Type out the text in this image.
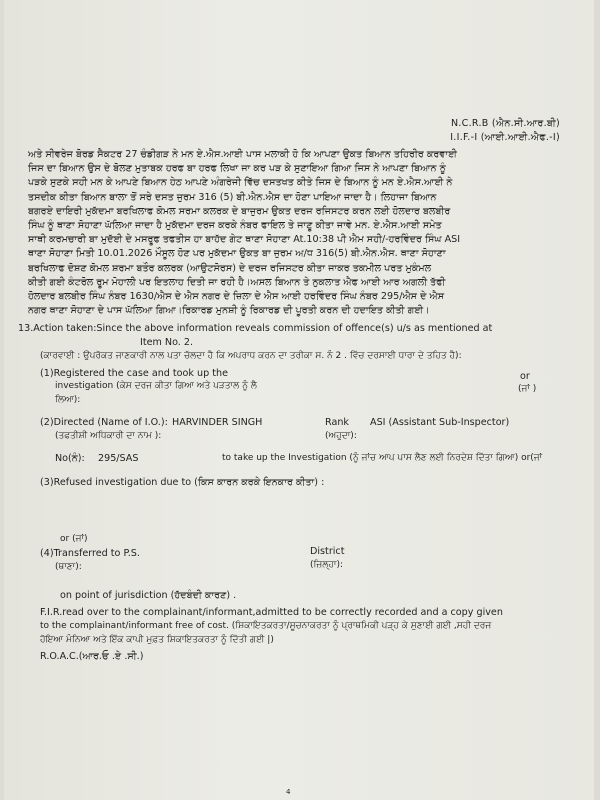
N.C.R.B (ਐਨ.ਸੀ.ਆਰ.ਬੀ)
I.I.F.-I (ਆਈ.ਆਈ.ਐਫ.-I)
ਅਤੇ ਸੀਵਰੇਜ ਬੋਰਡ ਸੈਕਟਰ 27 ਚੰਡੀਗੜ ਨੇ ਮਨ ਏ.ਐਸ.ਆਈ ਪਾਸ ਮਲਾਕੀ ਹੋ ਕਿ ਆਪਣਾ ਉਕਤ ਬਿਆਨ ਤਹਿਰੀਰ ਕਰਵਾਈ
ਜਿਸ ਦਾ ਬਿਆਨ ਉਸ ਦੇ ਬੋਲਣ ਮੁਤਾਬਕ ਹਰਫ ਬਾ ਹਰਫ ਲਿਖਾ ਜਾ ਕਰ ਪੜ ਕੇ ਸੁਣਾਇਆ ਗਿਆ ਜਿਸ ਨੇ ਆਪਣਾ ਬਿਆਨ ਨੂੰ
ਪੜਕੇ ਸੁਣਕੇ ਸਹੀ ਮਨ ਕੇ ਆਪਣੇ ਬਿਆਨ ਹੇਠ ਆਪਣੇ ਅੰਗਰੇਜੀ ਵਿੱਚ ਦਸਤਖਤ ਕੀਤੇ ਜਿਸ ਦੇ ਬਿਆਨ ਨੂੰ ਮਨ ਏ.ਐਸ.ਆਈ ਨੇ
ਤਸਦੀਕ ਕੀਤਾ ਬਿਆਨ ਬਾਲਾ ਤੋਂ ਸਰੇ ਦਸਤ ਜੁਰਮ 316 (5) ਬੀ.ਐਨ.ਐਸ ਦਾ ਹੋਣਾ ਪਾਇਆ ਜਾਦਾ ਹੈ। ਲਿਹਾਜਾ ਬਿਆਨ
ਬਗਰਏ ਦਾਇਰੀ ਮੁਕੱਦਮਾ ਬਰਖਿਲਾਫ ਕੋਮਲ ਸਰਮਾ ਕਲਰਕ ਦੇ ਬਾਜੁਰਮ ਉਕਤ ਦਰਜ ਰਜਿਸਟਰ ਕਰਨ ਲਈ ਹੋਲਦਾਰ ਬਲਬੀਰ
ਸਿੰਘ ਨੂੰ ਥਾਣਾ ਸੋਹਾਣਾ ਘੱਲਿਆ ਜਾਦਾ ਹੈ ਮੁਕੱਦਮਾ ਦਰਜ ਕਰਕੇ ਨੰਬਰ ਫਾਇਲ ਤੇ ਜਾਣੂ ਕੀਤਾ ਜਾਵੇ ਮਨ. ਏ.ਐਸ.ਆਈ ਸਮੇਤ
ਸਾਥੀ ਕਰਮਚਾਰੀ ਬਾ ਮੁਦੱਈ ਦੇ ਮਸਰੂਫ ਤਫਤੀਸ ਹਾ ਬਾਹੱਦ ਗੇਟ ਥਾਣਾ ਸੋਹਾਣਾ At.10:38 ਪੀ ਐਮ ਸਹੀ/-ਹਰਵਿੰਦਰ ਸਿੰਘ ASI
ਥਾਣਾ ਸੋਹਾਣਾ ਮਿਤੀ 10.01.2026 ਮੌਸੂਲ ਹੋਣ ਪਰ ਮੁਕੱਦਮਾ ਉਕਤ ਬਾ ਜੁਰਮ ਅ/ਧ 316(5) ਬੀ.ਐਨ.ਐਸ. ਥਾਣਾ ਸੋਹਾਣਾ
ਬਰਖਿਲਾਫ ਦੋਸ਼ਣ ਕੋਮਲ ਸ਼ਰਮਾ ਬਤੌਰ ਕਲਰਕ (ਆਉਟਸੋਰਸ) ਦੇ ਦਰਜ ਰਜਿਸਟਰ ਕੀਤਾ ਜਾਕਰ ਤਕਮੀਲ ਪਰਤ ਮੁਕੰਮਲ
ਕੀਤੀ ਗਈ ਕੰਟਰੋਲ ਰੂਮ ਮੋਹਾਲੀ ਪਰ ਇਤਲਾਹ ਦਿਤੀ ਜਾ ਰਹੀ ਹੈ।ਅਸਲ ਬਿਆਨ ਤੇ ਨੁਕਲਾਤ ਐਫ ਆਈ ਆਰ ਅਗਲੀ ਤੱਫੀ
ਹੋਲਦਾਰ ਬਲਬੀਰ ਸਿੰਘ ਨੰਬਰ 1630/ਐਸ ਦੇ ਐਸ ਨਗਰ ਦੇ ਜ਼ਿਲਾ ਦੇ ਐਸ ਆਈ ਹਰਵਿੰਦਰ ਸਿੰਘ ਨੰਬਰ 295/ਐਸ ਦੇ ਐਸ
ਨਗਰ ਥਾਣਾ ਸੋਹਾਣਾ ਦੇ ਪਾਸ ਘੱਲਿਆ ਗਿਆ।ਰਿਕਾਰਡ ਮੁਨਸ਼ੀ ਨੂੰ ਰਿਕਾਰਡ ਦੀ ਪੂਰਤੀ ਕਰਨ ਦੀ ਹਦਾਇਤ ਕੀਤੀ ਗਈ।
13.Action taken:Since the above information reveals commission of offence(s) u/s as mentioned at
Item No. 2.
(ਕਾਰਵਾਈ : ਉਪਰੋਕਤ ਜਾਣਕਾਰੀ ਨਾਲ ਪਤਾ ਚੱਲਦਾ ਹੈ ਕਿ ਅਪਰਾਧ ਕਰਨ ਦਾ ਤਰੀਕਾ ਸ. ਨੰ 2 . ਵਿੱਚ ਦਰਸਾਈ ਧਾਰਾ ਦੇ ਤਹਿਤ ਹੈ):
(1)Registered the case and took up the
investigation (ਕੇਸ ਦਰਜ ਕੀਤਾ ਗਿਆ ਅਤੇ ਪੜਤਾਲ ਨੂੰ ਲੈ
ਲਿਆ):
or
(ਜਾਂ )
(2)Directed (Name of I.O.): HARVINDER SINGH
(ਤਫਤੀਸ਼ੀ ਅਧਿਕਾਰੀ ਦਾ ਨਾਮ ):
Rank
(ਅਹੁਦਾ):
ASI (Assistant Sub-Inspector)
No(ਨੰ): 295/SAS	to take up the Investigation (ਨੂੰ ਜਾਂਚ ਆਪ ਪਾਸ ਲੈਣ ਲਈ ਨਿਰਦੇਸ਼ ਦਿੱਤਾ ਗਿਆ) or(ਜਾਂ
(3)Refused investigation due to (ਕਿਸ ਕਾਰਨ ਕਰਕੇ ਇਨਕਾਰ ਕੀਤਾ) :
or (ਜਾਂ)
(4)Transferred to P.S.
(ਥਾਣਾ):
District
(ਜ਼ਿਲ੍ਹਾ):
on point of jurisdiction (ਹੱਦਬੰਦੀ ਕਾਰਣ) .
F.I.R.read over to the complainant/informant,admitted to be correctly recorded and a copy given
to the complainant/informant free of cost. (ਸ਼ਿਕਾਇਤਕਰਤਾ/ਸੂਚਨਾਕਰਤਾ ਨੂੰ ਪ੍ਰਾਥਮਿਕੀ ਪੜ੍ਹ ਕੇ ਸੁਣਾਈ ਗਈ ,ਸਹੀ ਦਰਜ
ਹੋਇਆ ਮੰਨਿਆ ਅਤੇ ਇੱਕ ਕਾਪੀ ਮੁਫ਼ਤ ਸ਼ਿਕਾਇਤਕਰਤਾ ਨੂੰ ਦਿੱਤੀ ਗਈ |)
R.O.A.C.(ਆਰ.ਓ .ਏ .ਸੀ.)
4
